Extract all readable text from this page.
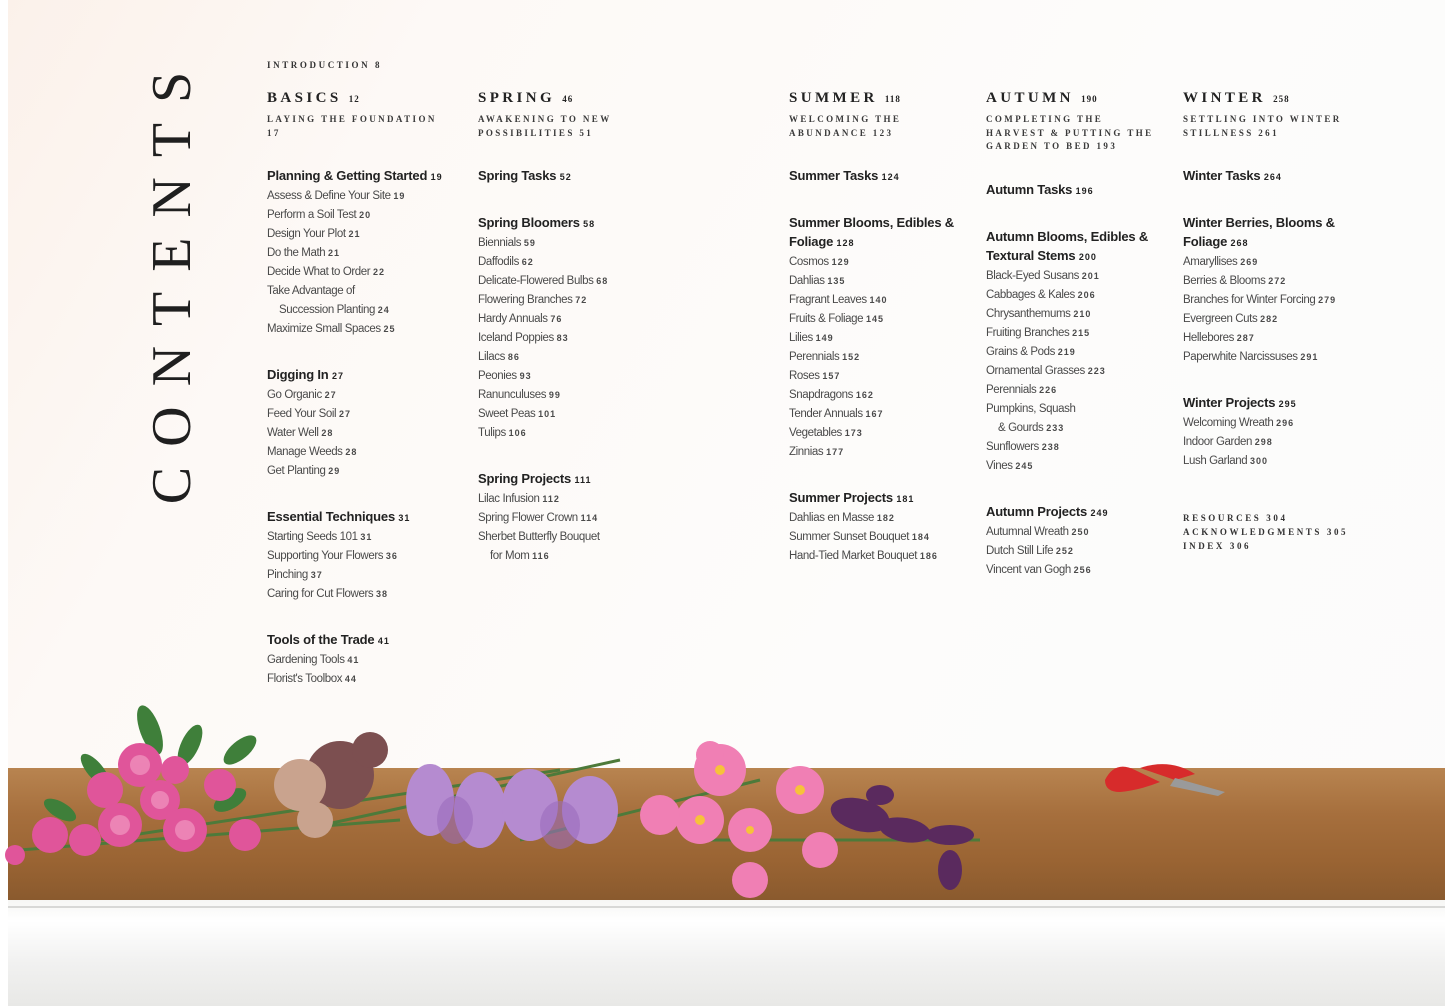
CONTENTS	INTRODUCTION 8
BASICS 12
LAYING THE FOUNDATION 17
Planning & Getting Started 19
Assess & Define Your Site 19
Perform a Soil Test 20
Design Your Plot 21
Do the Math 21
Decide What to Order 22
Take Advantage of
Succession Planting 24
Maximize Small Spaces 25
Digging In 27
Go Organic 27
Feed Your Soil 27
Water Well 28
Manage Weeds 28
Get Planting 29
Essential Techniques 31
Starting Seeds 101 31
Supporting Your Flowers 36
Pinching 37
Caring for Cut Flowers 38
Tools of the Trade 41
Gardening Tools 41
Florist's Toolbox 44
SPRING 46
AWAKENING TO NEW POSSIBILITIES 51
Spring Tasks 52
Spring Bloomers 58
Biennials 59
Daffodils 62
Delicate-Flowered Bulbs 68
Flowering Branches 72
Hardy Annuals 76
Iceland Poppies 83
Lilacs 86
Peonies 93
Ranunculuses 99
Sweet Peas 101
Tulips 106
Spring Projects 111
Lilac Infusion 112
Spring Flower Crown 114
Sherbet Butterfly Bouquet
for Mom 116
SUMMER 118
WELCOMING THE ABUNDANCE 123
Summer Tasks 124
Summer Blooms, Edibles & Foliage 128
Cosmos 129
Dahlias 135
Fragrant Leaves 140
Fruits & Foliage 145
Lilies 149
Perennials 152
Roses 157
Snapdragons 162
Tender Annuals 167
Vegetables 173
Zinnias 177
Summer Projects 181
Dahlias en Masse 182
Summer Sunset Bouquet 184
Hand-Tied Market Bouquet 186
AUTUMN 190
COMPLETING THE HARVEST & PUTTING THE GARDEN TO BED 193
Autumn Tasks 196
Autumn Blooms, Edibles & Textural Stems 200
Black-Eyed Susans 201
Cabbages & Kales 206
Chrysanthemums 210
Fruiting Branches 215
Grains & Pods 219
Ornamental Grasses 223
Perennials 226
Pumpkins, Squash
& Gourds 233
Sunflowers 238
Vines 245
Autumn Projects 249
Autumnal Wreath 250
Dutch Still Life 252
Vincent van Gogh 256
WINTER 258
SETTLING INTO WINTER STILLNESS 261
Winter Tasks 264
Winter Berries, Blooms & Foliage 268
Amaryllises 269
Berries & Blooms 272
Branches for Winter Forcing 279
Evergreen Cuts 282
Hellebores 287
Paperwhite Narcissuses 291
Winter Projects 295
Welcoming Wreath 296
Indoor Garden 298
Lush Garland 300
RESOURCES 304
ACKNOWLEDGMENTS 305
INDEX 306
